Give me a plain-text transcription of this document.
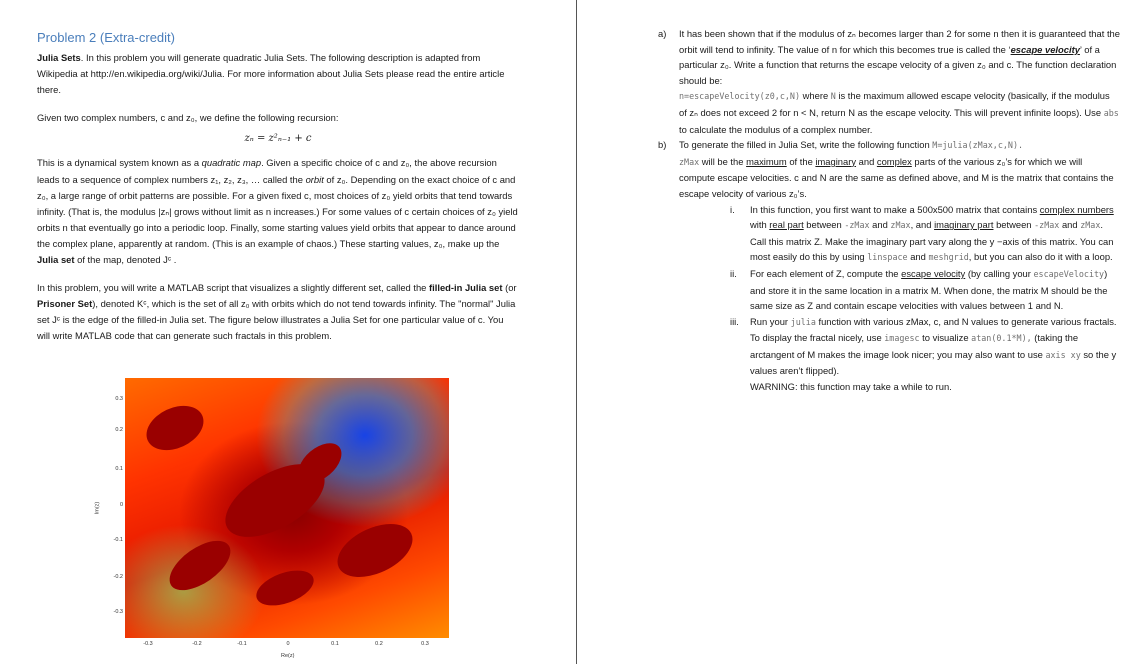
Problem 2 (Extra-credit)

Julia Sets. In this problem you will generate quadratic Julia Sets. The following description is adapted from Wikipedia at http://en.wikipedia.org/wiki/Julia. For more information about Julia Sets please read the entire article there.

Given two complex numbers, c and z₀, we define the following recursion:

zₙ = z²ₙ₋₁ + c

This is a dynamical system known as a quadratic map. Given a specific choice of c and z₀, the above recursion leads to a sequence of complex numbers z₁, z₂, z₃, … called the orbit of z₀. Depending on the exact choice of c and z₀, a large range of orbit patterns are possible. For a given fixed c, most choices of z₀ yield orbits that tend towards infinity. (That is, the modulus |zₙ| grows without limit as n increases.) For some values of c certain choices of z₀ yield orbits n that eventually go into a periodic loop. Finally, some starting values yield orbits that appear to dance around the complex plane, apparently at random. (This is an example of chaos.) These starting values, z₀, make up the Julia set of the map, denoted Jᶜ .

In this problem, you will write a MATLAB script that visualizes a slightly different set, called the filled-in Julia set (or Prisoner Set), denoted Kᶜ, which is the set of all z₀ with orbits which do not tend towards infinity. The "normal" Julia set Jᶜ is the edge of the filled-in Julia set. The figure below illustrates a Julia Set for one particular value of c. You will write MATLAB code that can generate such fractals in this problem.

Im(z)
0.3
0.2
0.1
0
-0.1
-0.2
-0.3
-0.3	-0.2	-0.1	0	0.1	0.2	0.3
Re(z)
a) It has been shown that if the modulus of zₙ becomes larger than 2 for some n then it is guaranteed that the orbit will tend to infinity. The value of n for which this becomes true is called the ‘escape velocity’ of a particular z₀. Write a function that returns the escape velocity of a given z₀ and c. The function declaration should be:
n=escapeVelocity(z0,c,N) where N is the maximum allowed escape velocity (basically, if the modulus of zₙ does not exceed 2 for n < N, return N as the escape velocity. This will prevent infinite loops). Use abs to calculate the modulus of a complex number.
b) To generate the filled in Julia Set, write the following function M=julia(zMax,c,N).
zMax will be the maximum of the imaginary and complex parts of the various z₀’s for which we will compute escape velocities. c and N are the same as defined above, and M is the matrix that contains the escape velocity of various z₀’s.
i. In this function, you first want to make a 500x500 matrix that contains complex numbers with real part between -zMax and zMax, and imaginary part between -zMax and zMax. Call this matrix Z. Make the imaginary part vary along the y −axis of this matrix. You can most easily do this by using linspace and meshgrid, but you can also do it with a loop.
ii. For each element of Z, compute the escape velocity (by calling your escapeVelocity) and store it in the same location in a matrix M. When done, the matrix M should be the same size as Z and contain escape velocities with values between 1 and N.
iii. Run your julia function with various zMax, c, and N values to generate various fractals. To display the fractal nicely, use imagesc to visualize atan(0.1*M), (taking the arctangent of M makes the image look nicer; you may also want to use axis xy so the y values aren’t flipped).
WARNING: this function may take a while to run.
